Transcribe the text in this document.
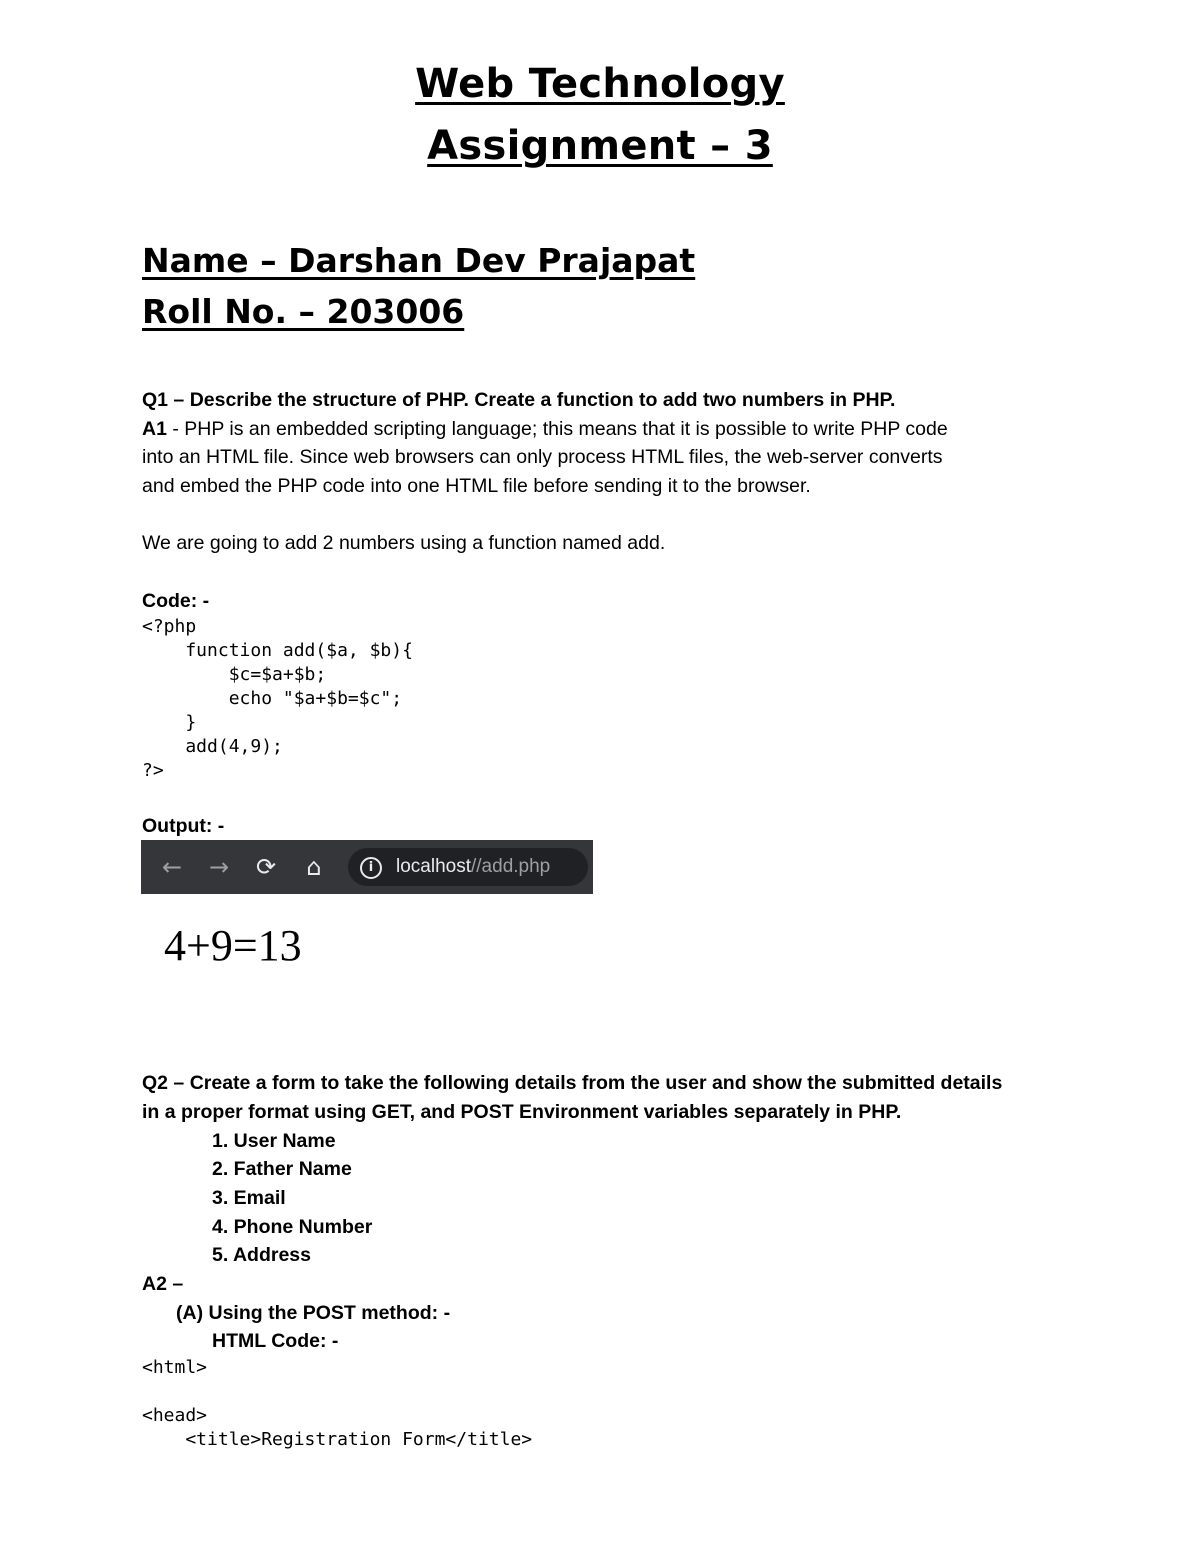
Web Technology
Assignment – 3
Name – Darshan Dev Prajapat
Roll No. – 203006
Q1 – Describe the structure of PHP. Create a function to add two numbers in PHP.
A1 - PHP is an embedded scripting language; this means that it is possible to write PHP code
into an HTML file. Since web browsers can only process HTML files, the web-server converts
and embed the PHP code into one HTML file before sending it to the browser.
We are going to add 2 numbers using a function named add.
Code: -
<?php
function add($a, $b){
$c=$a+$b;
echo "$a+$b=$c";
}
add(4,9);
?>
Output: -
← → ⟳	⌂	i	localhost//add.php
4+9=13
Q2 – Create a form to take the following details from the user and show the submitted details
in a proper format using GET, and POST Environment variables separately in PHP.
1. User Name
2. Father Name
3. Email
4. Phone Number
5. Address
A2 –
(A) Using the POST method: -
HTML Code: -
<html>

<head>
<title>Registration Form</title>
